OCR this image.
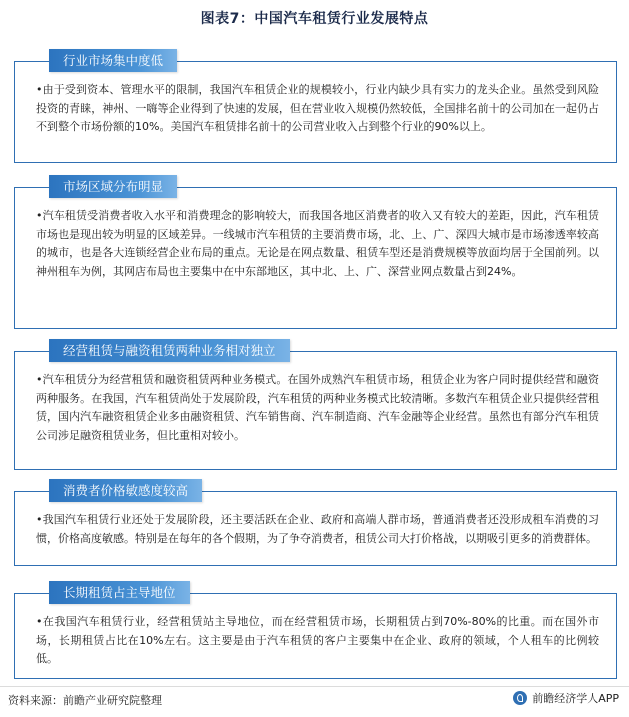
图表7：中国汽车租赁行业发展特点
行业市场集中度低

• 由于受到资本、管理水平的限制，我国汽车租赁企业的规模较小，行业内缺少具有实力的龙头企业。虽然受到风险投资的青睐，神州、一嗨等企业得到了快速的发展，但在营业收入规模仍然较低，全国排名前十的公司加在一起仍占不到整个市场份额的10%。美国汽车租赁排名前十的公司营业收入占到整个行业的90%以上。

市场区域分布明显

• 汽车租赁受消费者收入水平和消费理念的影响较大，而我国各地区消费者的收入又有较大的差距，因此，汽车租赁市场也是现出较为明显的区域差异。一线城市汽车租赁的主要消费市场，北、上、广、深四大城市是市场渗透率较高的城市，也是各大连锁经营企业布局的重点。无论是在网点数量、租赁车型还是消费规模等放面均居于全国前列。以神州租车为例，其网店布局也主要集中在中东部地区，其中北、上、广、深营业网点数量占到24%。

经营租赁与融资租赁两种业务相对独立

• 汽车租赁分为经营租赁和融资租赁两种业务模式。在国外成熟汽车租赁市场，租赁企业为客户同时提供经营和融资两种服务。在我国，汽车租赁尚处于发展阶段，汽车租赁的两种业务模式比较清晰。多数汽车租赁企业只提供经营租赁，国内汽车融资租赁企业多由融资租赁、汽车销售商、汽车制造商、汽车金融等企业经营。虽然也有部分汽车租赁公司涉足融资租赁业务，但比重相对较小。

消费者价格敏感度较高

• 我国汽车租赁行业还处于发展阶段，还主要活跃在企业、政府和高端人群市场，普通消费者还没形成租车消费的习惯，价格高度敏感。特别是在每年的各个假期，为了争夺消费者，租赁公司大打价格战，以期吸引更多的消费群体。

长期租赁占主导地位

• 在我国汽车租赁行业，经营租赁站主导地位，而在经营租赁市场，长期租赁占到70%-80%的比重。而在国外市场，长期租赁占比在10%左右。这主要是由于汽车租赁的客户主要集中在企业、政府的领域，个人租车的比例较低。

资料来源：前瞻产业研究院整理	前瞻经济学人APP
